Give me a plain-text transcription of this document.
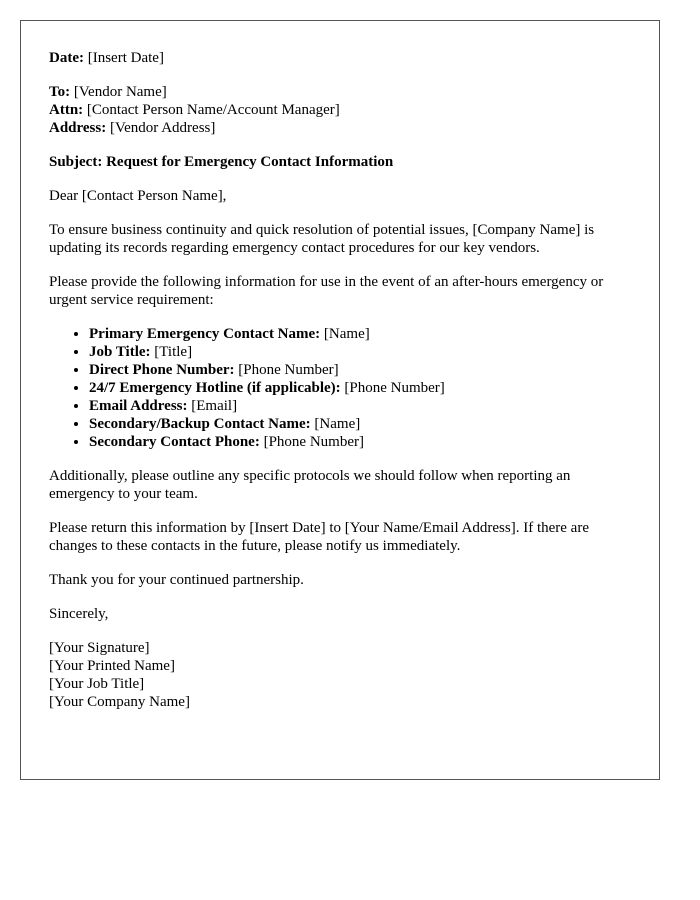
Date: [Insert Date]
To: [Vendor Name]
Attn: [Contact Person Name/Account Manager]
Address: [Vendor Address]
Subject: Request for Emergency Contact Information
Dear [Contact Person Name],
To ensure business continuity and quick resolution of potential issues, [Company Name] is updating its records regarding emergency contact procedures for our key vendors.
Please provide the following information for use in the event of an after-hours emergency or urgent service requirement:
• Primary Emergency Contact Name: [Name]
• Job Title: [Title]
• Direct Phone Number: [Phone Number]
• 24/7 Emergency Hotline (if applicable): [Phone Number]
• Email Address: [Email]
• Secondary/Backup Contact Name: [Name]
• Secondary Contact Phone: [Phone Number]
Additionally, please outline any specific protocols we should follow when reporting an emergency to your team.
Please return this information by [Insert Date] to [Your Name/Email Address]. If there are changes to these contacts in the future, please notify us immediately.
Thank you for your continued partnership.
Sincerely,
[Your Signature]
[Your Printed Name]
[Your Job Title]
[Your Company Name]
